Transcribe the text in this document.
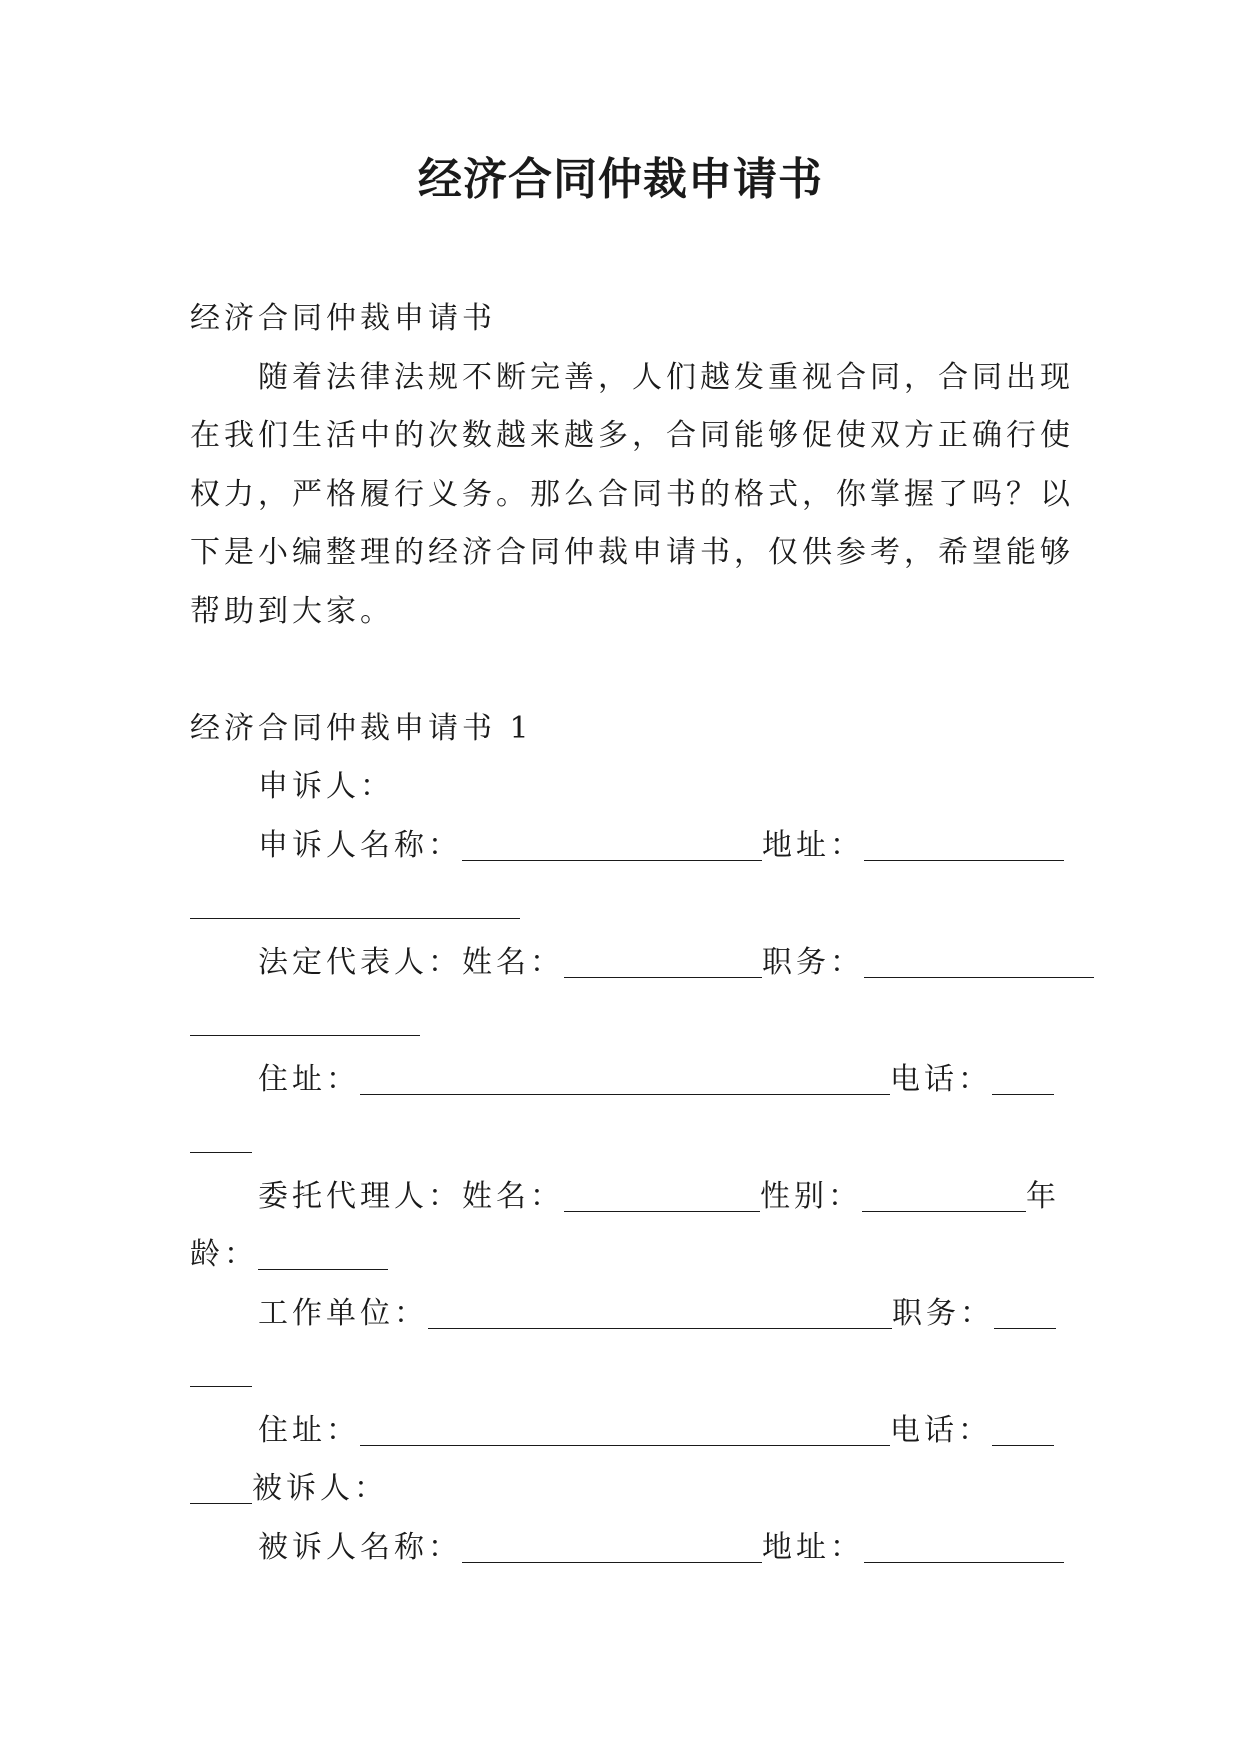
经济合同仲裁申请书
经济合同仲裁申请书
随着法律法规不断完善，人们越发重视合同，合同出现
在我们生活中的次数越来越多，合同能够促使双方正确行使
权力，严格履行义务。那么合同书的格式，你掌握了吗？以
下是小编整理的经济合同仲裁申请书，仅供参考，希望能够
帮助到大家。
经济合同仲裁申请书 1
申诉人：
申诉人名称：	地址：
法定代表人：姓名：	职务：
住址：	电话：
委托代理人：姓名：	性别：	年
龄：
工作单位：	职务：
住址：	电话：
被诉人：
被诉人名称：	地址：
